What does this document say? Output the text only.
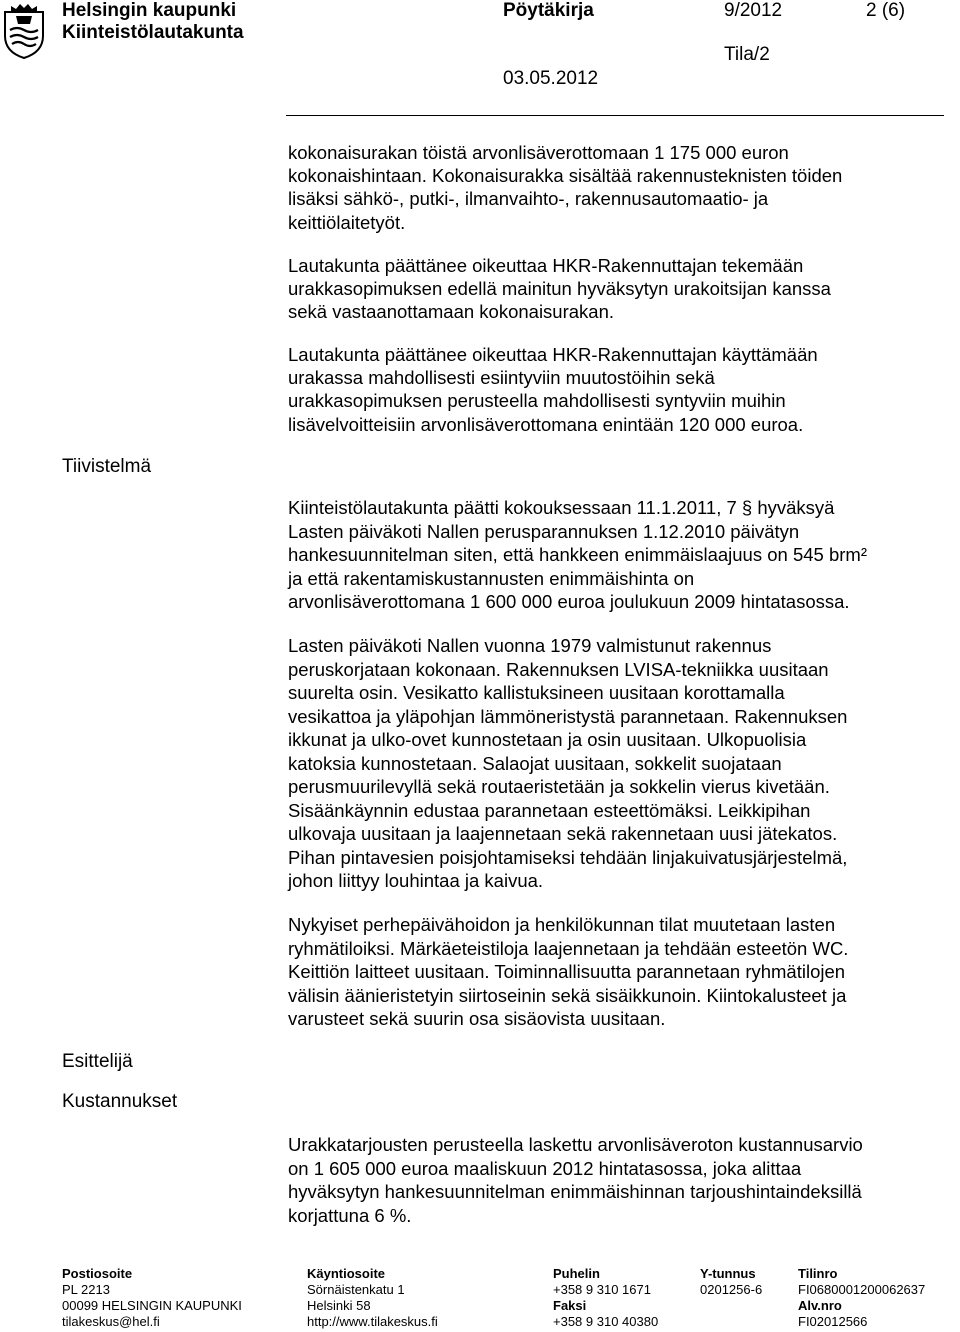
Helsingin kaupunki
Kiinteistölautakunta
Pöytäkirja	9/2012	2 (6)
Tila/2
03.05.2012
Tiivistelmä
Esittelijä
Kustannukset
kokonaisurakan töistä arvonlisäverottomaan 1 175 000 euron
kokonaishintaan. Kokonaisurakka sisältää rakennusteknisten töiden
lisäksi sähkö-, putki-, ilmanvaihto-, rakennusautomaatio- ja
keittiölaitetyöt.
Lautakunta päättänee oikeuttaa HKR-Rakennuttajan tekemään
urakkasopimuksen edellä mainitun hyväksytyn urakoitsijan kanssa
sekä vastaanottamaan kokonaisurakan.
Lautakunta päättänee oikeuttaa HKR-Rakennuttajan käyttämään
urakassa mahdollisesti esiintyviin muutostöihin sekä
urakkasopimuksen perusteella mahdollisesti syntyviin muihin
lisävelvoitteisiin arvonlisäverottomana enintään 120 000 euroa.
Kiinteistölautakunta päätti kokouksessaan 11.1.2011, 7 § hyväksyä
Lasten päiväkoti Nallen perusparannuksen 1.12.2010 päivätyn
hankesuunnitelman siten, että hankkeen enimmäislaajuus on 545 brm²
ja että rakentamiskustannusten enimmäishinta on
arvonlisäverottomana 1 600 000 euroa joulukuun 2009 hintatasossa.
Lasten päiväkoti Nallen vuonna 1979 valmistunut rakennus
peruskorjataan kokonaan. Rakennuksen LVISA-tekniikka uusitaan
suurelta osin. Vesikatto kallistuksineen uusitaan korottamalla
vesikattoa ja yläpohjan lämmöneristystä parannetaan. Rakennuksen
ikkunat ja ulko-ovet kunnostetaan ja osin uusitaan. Ulkopuolisia
katoksia kunnostetaan. Salaojat uusitaan, sokkelit suojataan
perusmuurilevyllä sekä routaeristetään ja sokkelin vierus kivetään.
Sisäänkäynnin edustaa parannetaan esteettömäksi. Leikkipihan
ulkovaja uusitaan ja laajennetaan sekä rakennetaan uusi jätekatos.
Pihan pintavesien poisjohtamiseksi tehdään linjakuivatusjärjestelmä,
johon liittyy louhintaa ja kaivua.
Nykyiset perhepäivähoidon ja henkilökunnan tilat muutetaan lasten
ryhmätiloiksi. Märkäeteistiloja laajennetaan ja tehdään esteetön WC.
Keittiön laitteet uusitaan. Toiminnallisuutta parannetaan ryhmätilojen
välisin äänieristetyin siirtoseinin sekä sisäikkunoin. Kiintokalusteet ja
varusteet sekä suurin osa sisäovista uusitaan.
Urakkatarjousten perusteella laskettu arvonlisäveroton kustannusarvio
on 1 605 000 euroa maaliskuun 2012 hintatasossa, joka alittaa
hyväksytyn hankesuunnitelman enimmäishinnan tarjoushintaindeksillä
korjattuna 6 %.
Postiosoite
PL 2213
00099 HELSINGIN KAUPUNKI
tilakeskus@hel.fi
Käyntiosoite
Sörnäistenkatu 1
Helsinki 58
http://www.tilakeskus.fi
Puhelin
+358 9 310 1671
Faksi
+358 9 310 40380
Y-tunnus
0201256-6
Alv.nro
Tilinro
FI0680001200062637
FI02012566
